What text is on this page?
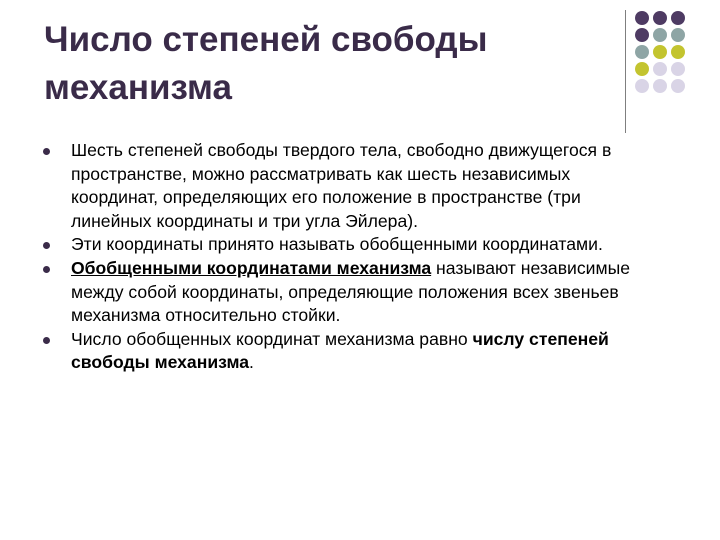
Число степеней свободы
механизма
Шесть степеней свободы твердого тела, свободно движущегося в пространстве, можно рассматривать как шесть независимых координат, определяющих его положение в пространстве (три линейных координаты и три угла Эйлера).
Эти координаты принято называть обобщенными координатами.
Обобщенными координатами механизма называют независимые между собой координаты, определяющие положения всех звеньев механизма относительно стойки.
Число обобщенных координат механизма равно числу степеней свободы механизма.
